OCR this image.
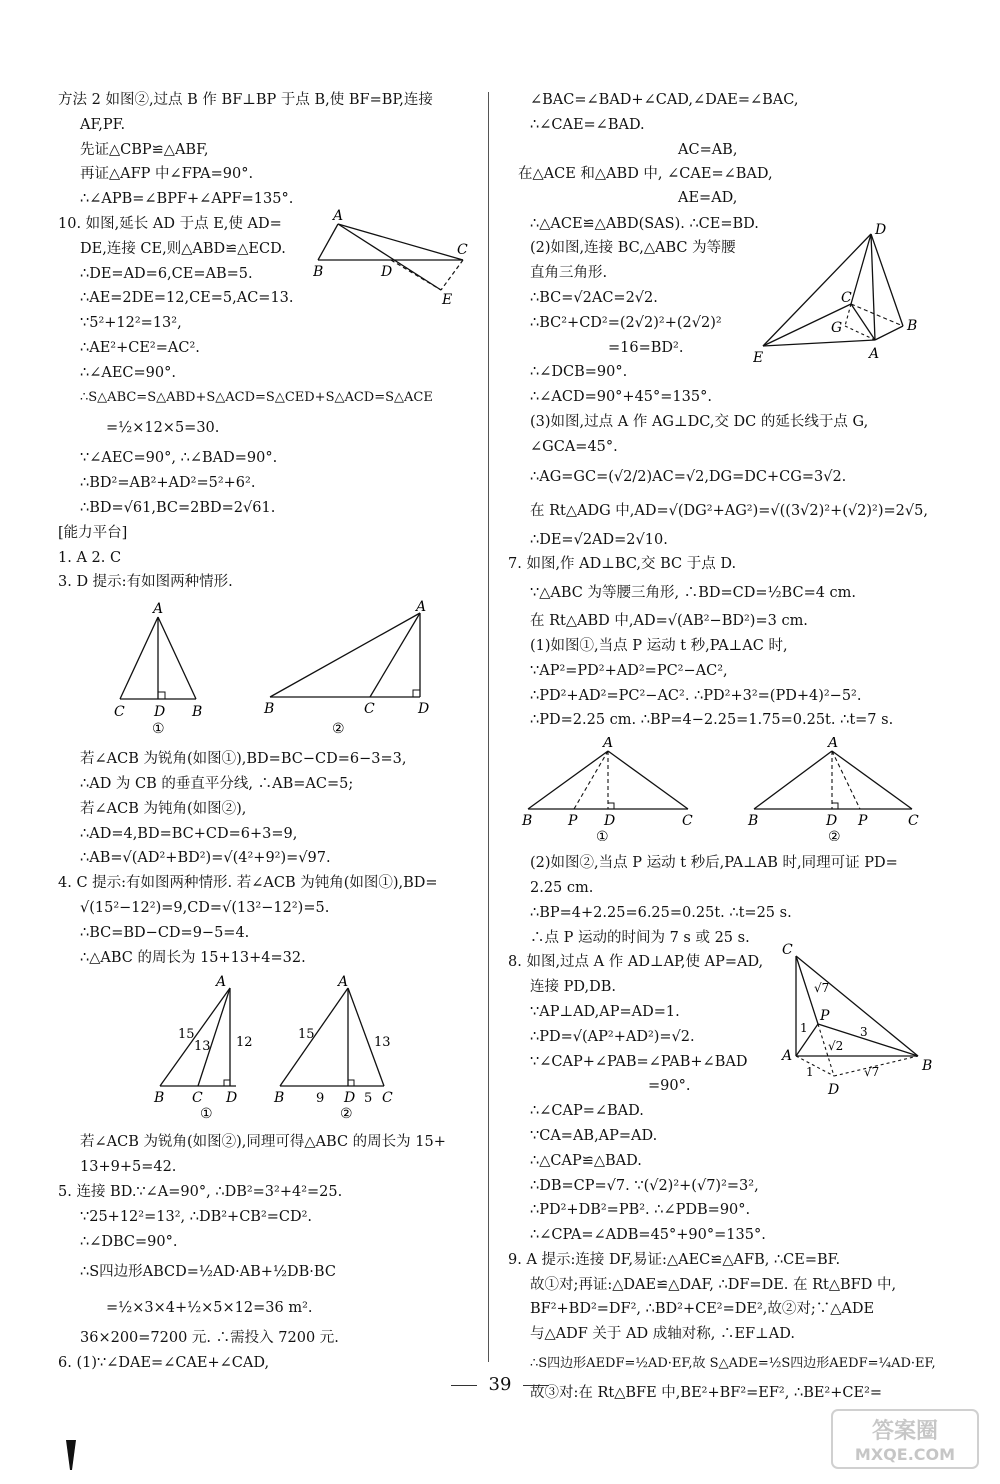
方法 2 如图②,过点 B 作 BF⊥BP 于点 B,使 BF=BP,连接
AF,PF.
先证△CBP≌△ABF,
再证△AFP 中∠FPA=90°.
∴∠APB=∠BPF+∠APF=135°.
10. 如图,延长 AD 于点 E,使 AD=
DE,连接 CE,则△ABD≌△ECD.
∴DE=AD=6,CE=AB=5.
∴AE=2DE=12,CE=5,AC=13.
A
B	D
C
E
∵5²+12²=13²,
∴AE²+CE²=AC².
∴∠AEC=90°.
∴S△ABC=S△ABD+S△ACD=S△CED+S△ACD=S△ACE
=½×12×5=30.
∵∠AEC=90°, ∴∠BAD=90°.
∴BD²=AB²+AD²=5²+6².
∴BD=√61,BC=2BD=2√61.
[能力平台]
1. A 2. C
3. D 提示:有如图两种情形.
A
C D B
①
A
B	C	D
②
若∠ACB 为锐角(如图①),BD=BC−CD=6−3=3,
∴AD 为 CB 的垂直平分线, ∴AB=AC=5;
若∠ACB 为钝角(如图②),
∴AD=4,BD=BC+CD=6+3=9,
∴AB=√(AD²+BD²)=√(4²+9²)=√97.
4. C 提示:有如图两种情形. 若∠ACB 为钝角(如图①),BD=
√(15²−12²)=9,CD=√(13²−12²)=5.
∴BC=BD−CD=9−5=4.
∴△ABC 的周长为 15+13+4=32.
A
15
13 12
B C D
①
A
15
13
B 9 D 5 C
②
若∠ACB 为锐角(如图②),同理可得△ABC 的周长为 15+
13+9+5=42.
5. 连接 BD.∵∠A=90°, ∴DB²=3²+4²=25.
∵25+12²=13², ∴DB²+CB²=CD².
∴∠DBC=90°.
∴S四边形ABCD=½AD·AB+½DB·BC
=½×3×4+½×5×12=36 m².
36×200=7200 元. ∴需投入 7200 元.
6. (1)∵∠DAE=∠CAE+∠CAD,
∠BAC=∠BAD+∠CAD,∠DAE=∠BAC,
∴∠CAE=∠BAD.
AC=AB,
在△ACE 和△ABD 中, ∠CAE=∠BAD,
AE=AD,
∴△ACE≌△ABD(SAS). ∴CE=BD.
(2)如图,连接 BC,△ABC 为等腰
直角三角形.
∴BC=√2AC=2√2.
∴BC²+CD²=(2√2)²+(2√2)²
=16=BD².
∴∠DCB=90°.
∴∠ACD=90°+45°=135°.
D
C
G
E	A
B
(3)如图,过点 A 作 AG⊥DC,交 DC 的延长线于点 G,
∠GCA=45°.
∴AG=GC=(√2/2)AC=√2,DG=DC+CG=3√2.
在 Rt△ADG 中,AD=√(DG²+AG²)=√((3√2)²+(√2)²)=2√5,
∴DE=√2AD=2√10.
7. 如图,作 AD⊥BC,交 BC 于点 D.
∵△ABC 为等腰三角形, ∴BD=CD=½BC=4 cm.
在 Rt△ABD 中,AD=√(AB²−BD²)=3 cm.
(1)如图①,当点 P 运动 t 秒,PA⊥AC 时,
∵AP²=PD²+AD²=PC²−AC²,
∴PD²+AD²=PC²−AC². ∴PD²+3²=(PD+4)²−5².
∴PD=2.25 cm. ∴BP=4−2.25=1.75=0.25t. ∴t=7 s.
A
B	P D	C
①
A
B	D P	C
②
(2)如图②,当点 P 运动 t 秒后,PA⊥AB 时,同理可证 PD=
2.25 cm.
∴BP=4+2.25=6.25=0.25t. ∴t=25 s.
∴点 P 运动的时间为 7 s 或 25 s.
8. 如图,过点 A 作 AD⊥AP,使 AP=AD,
连接 PD,DB.
∵AP⊥AD,AP=AD=1.
∴PD=√(AP²+AD²)=√2.
∵∠CAP+∠PAB=∠PAB+∠BAD
=90°.
C
√7
P
1	3
√2
A
1
D
√7	B
∴∠CAP=∠BAD.
∵CA=AB,AP=AD.
∴△CAP≌△BAD.
∴DB=CP=√7. ∵(√2)²+(√7)²=3²,
∴PD²+DB²=PB². ∴∠PDB=90°.
∴∠CPA=∠ADB=45°+90°=135°.
9. A 提示:连接 DF,易证:△AEC≌△AFB, ∴CE=BF.
故①对;再证:△DAE≌△DAF, ∴DF=DE. 在 Rt△BFD 中,
BF²+BD²=DF², ∴BD²+CE²=DE²,故②对;∵△ADE
与△ADF 关于 AD 成轴对称, ∴EF⊥AD.
∴S四边形AEDF=½AD·EF,故 S△ADE=½S四边形AEDF=¼AD·EF,
故③对:在 Rt△BFE 中,BE²+BF²=EF², ∴BE²+CE²=
39
答案圈
MXQE.COM
